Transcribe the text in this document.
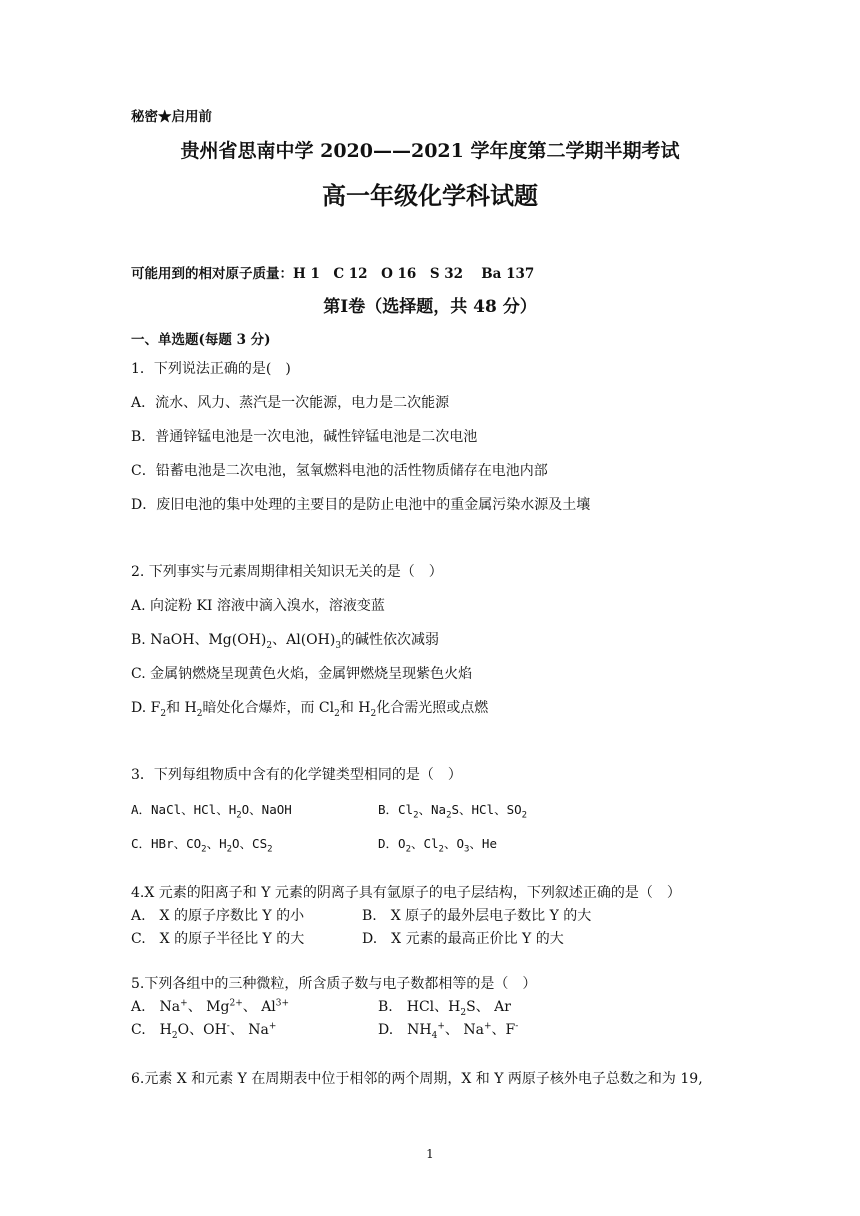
秘密★启用前
贵州省思南中学 2020——2021 学年度第二学期半期考试
高一年级化学科试题
可能用到的相对原子质量：H 1　C 12　O 16　S 32　 Ba 137
第Ⅰ卷（选择题，共 48 分）
一、单选题(每题 3 分)
1．下列说法正确的是(　)
A．流水、风力、蒸汽是一次能源，电力是二次能源
B．普通锌锰电池是一次电池，碱性锌锰电池是二次电池
C．铅蓄电池是二次电池，氢氧燃料电池的活性物质储存在电池内部
D．废旧电池的集中处理的主要目的是防止电池中的重金属污染水源及土壤
2. 下列事实与元素周期律相关知识无关的是（　）
A. 向淀粉 KI 溶液中滴入溴水，溶液变蓝
B. NaOH、$Mg(OH)_2$、$Al(OH)_3$的碱性依次减弱
C. 金属钠燃烧呈现黄色火焰，金属钾燃烧呈现紫色火焰
D. $F_2$和 $H_2$暗处化合爆炸，而 $Cl_2$和 $H_2$化合需光照或点燃
3．下列每组物质中含有的化学键类型相同的是（　）
A．NaCl、HCl、$H_2O$、NaOH	B．$Cl_2$、$Na_2S$、HCl、$SO_2$
C．HBr、$CO_2$、$H_2O$、$CS_2$	D．$O_2$、$Cl_2$、$O_3$、He
4.X 元素的阳离子和 Y 元素的阴离子具有氩原子的电子层结构，下列叙述正确的是（　）
A.　X 的原子序数比 Y 的小	B.　X 原子的最外层电子数比 Y 的大
C.　X 的原子半径比 Y 的大	D.　X 元素的最高正价比 Y 的大
5.下列各组中的三种微粒，所含质子数与电子数都相等的是（　）
A.　Na+、 $Mg^{2+}$、 $Al^{3+}$	B.　HCl、$H_2S$、 Ar
C.　$H_2O$、OH-、 Na+	D.　$NH_4^+$、 Na+、F-
6.元素 X 和元素 Y 在周期表中位于相邻的两个周期，X 和 Y 两原子核外电子总数之和为 19,
1
